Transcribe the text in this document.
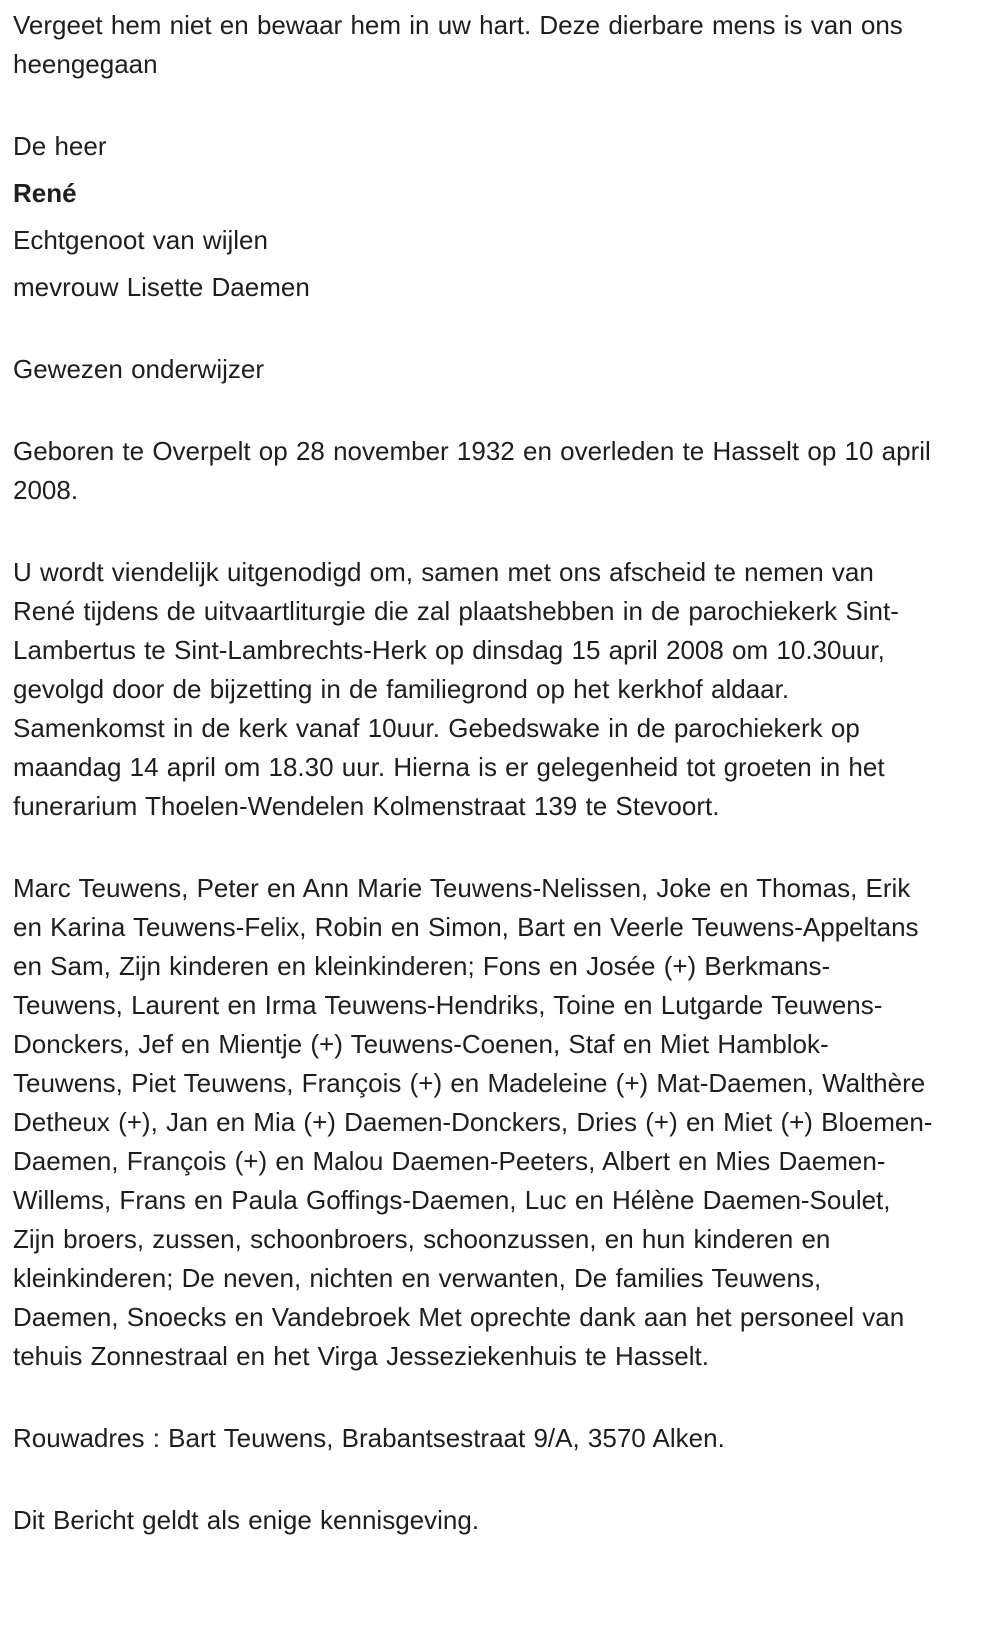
Vergeet hem niet en bewaar hem in uw hart. Deze dierbare mens is van ons heengegaan

De heer

René

Echtgenoot van wijlen

mevrouw Lisette Daemen

Gewezen onderwijzer

Geboren te Overpelt op 28 november 1932 en overleden te Hasselt op 10 april 2008.

U wordt viendelijk uitgenodigd om, samen met ons afscheid te nemen van René tijdens de uitvaartliturgie die zal plaatshebben in de parochiekerk Sint-Lambertus te Sint-Lambrechts-Herk op dinsdag 15 april 2008 om 10.30uur, gevolgd door de bijzetting in de familiegrond op het kerkhof aldaar. Samenkomst in de kerk vanaf 10uur. Gebedswake in de parochiekerk op maandag 14 april om 18.30 uur. Hierna is er gelegenheid tot groeten in het funerarium Thoelen-Wendelen Kolmenstraat 139 te Stevoort.

Marc Teuwens, Peter en Ann Marie Teuwens-Nelissen, Joke en Thomas, Erik en Karina Teuwens-Felix, Robin en Simon, Bart en Veerle Teuwens-Appeltans en Sam, Zijn kinderen en kleinkinderen; Fons en Josée (+) Berkmans-Teuwens, Laurent en Irma Teuwens-Hendriks, Toine en Lutgarde Teuwens-Donckers, Jef en Mientje (+) Teuwens-Coenen, Staf en Miet Hamblok-Teuwens, Piet Teuwens, François (+) en Madeleine (+) Mat-Daemen, Walthère Detheux (+), Jan en Mia (+) Daemen-Donckers, Dries (+) en Miet (+) Bloemen-Daemen, François (+) en Malou Daemen-Peeters, Albert en Mies Daemen-Willems, Frans en Paula Goffings-Daemen, Luc en Hélène Daemen-Soulet, Zijn broers, zussen, schoonbroers, schoonzussen, en hun kinderen en kleinkinderen; De neven, nichten en verwanten, De families Teuwens, Daemen, Snoecks en Vandebroek Met oprechte dank aan het personeel van tehuis Zonnestraal en het Virga Jesseziekenhuis te Hasselt.

Rouwadres : Bart Teuwens, Brabantsestraat 9/A, 3570 Alken.

Dit Bericht geldt als enige kennisgeving.
